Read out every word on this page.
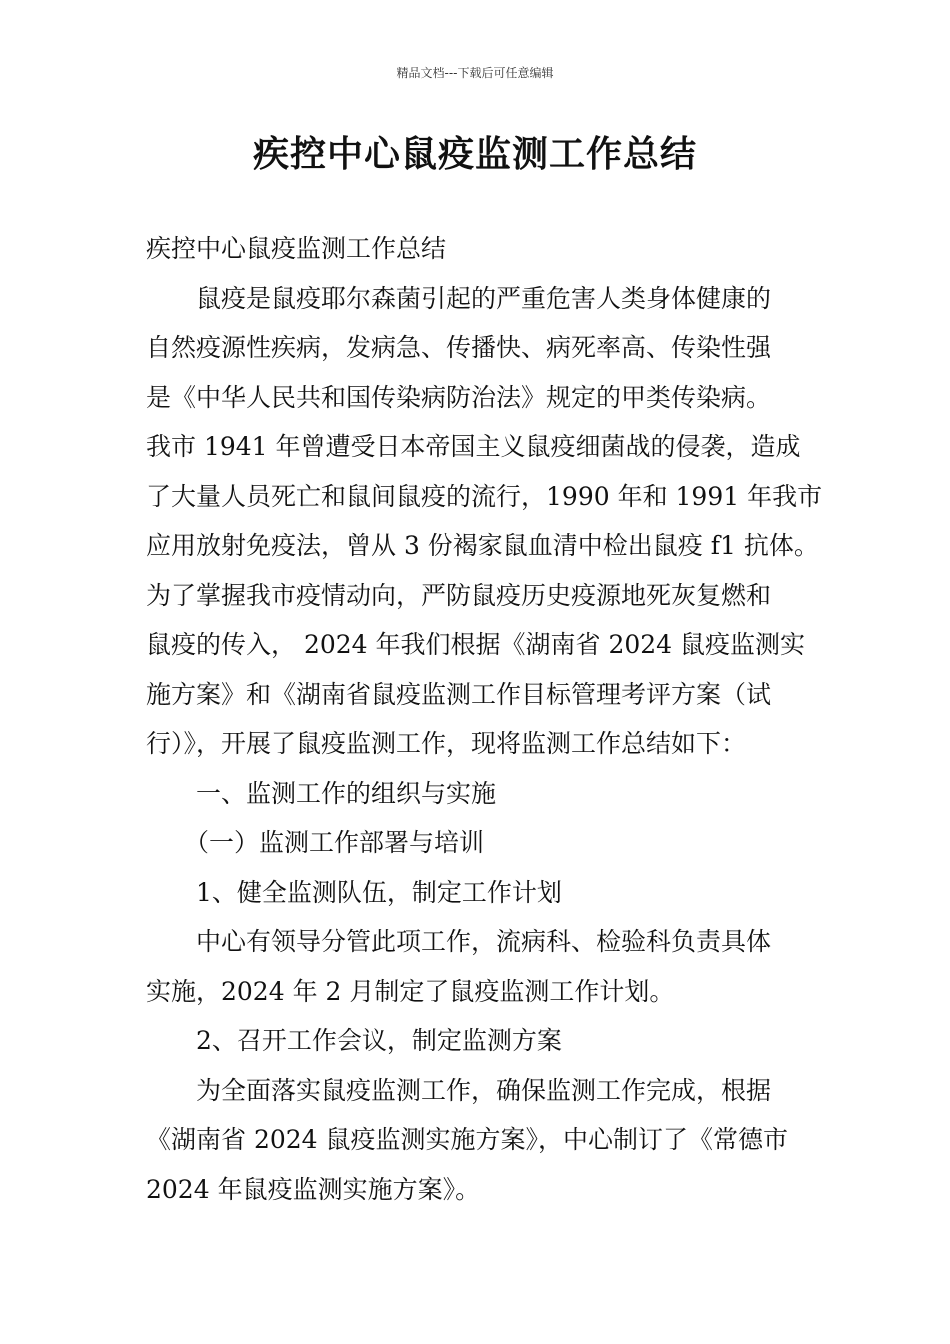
精品文档---下载后可任意编辑
疾控中心鼠疫监测工作总结
疾控中心鼠疫监测工作总结
鼠疫是鼠疫耶尔森菌引起的严重危害人类身体健康的
自然疫源性疾病，发病急、传播快、病死率高、传染性强
是《中华人民共和国传染病防治法》规定的甲类传染病。
我市 1941 年曾遭受日本帝国主义鼠疫细菌战的侵袭，造成
了大量人员死亡和鼠间鼠疫的流行，1990 年和 1991 年我市
应用放射免疫法，曾从 3 份褐家鼠血清中检出鼠疫 f1 抗体。
为了掌握我市疫情动向，严防鼠疫历史疫源地死灰复燃和
鼠疫的传入， 2024 年我们根据《湖南省 2024 鼠疫监测实
施方案》和《湖南省鼠疫监测工作目标管理考评方案（试
行）》，开展了鼠疫监测工作，现将监测工作总结如下：
一、监测工作的组织与实施
（一）监测工作部署与培训
1、健全监测队伍，制定工作计划
中心有领导分管此项工作，流病科、检验科负责具体
实施，2024 年 2 月制定了鼠疫监测工作计划。
2、召开工作会议，制定监测方案
为全面落实鼠疫监测工作，确保监测工作完成，根据
《湖南省 2024 鼠疫监测实施方案》，中心制订了《常德市
2024 年鼠疫监测实施方案》。
